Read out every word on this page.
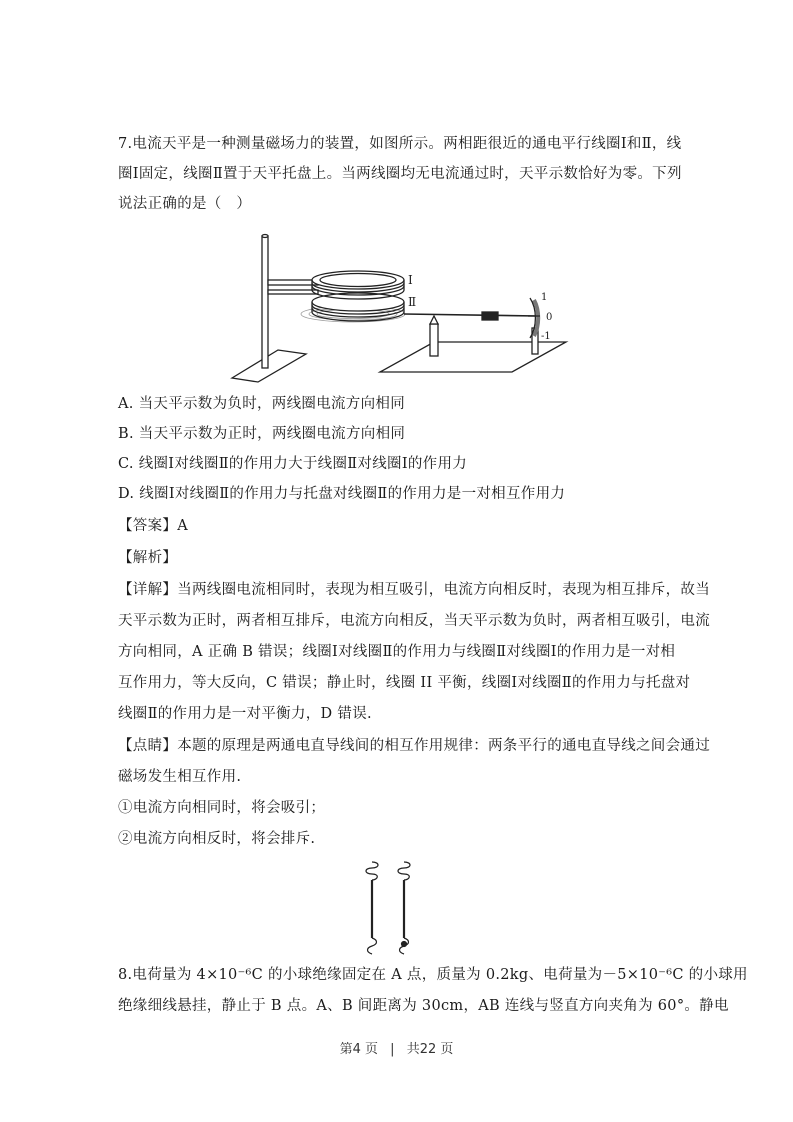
7.电流天平是一种测量磁场力的装置，如图所示。两相距很近的通电平行线圈Ⅰ和Ⅱ，线
圈Ⅰ固定，线圈Ⅱ置于天平托盘上。当两线圈均无电流通过时，天平示数恰好为零。下列
说法正确的是（　）
Ⅰ
Ⅱ	1
0
-1
A. 当天平示数为负时，两线圈电流方向相同
B. 当天平示数为正时，两线圈电流方向相同
C. 线圈Ⅰ对线圈Ⅱ的作用力大于线圈Ⅱ对线圈Ⅰ的作用力
D. 线圈Ⅰ对线圈Ⅱ的作用力与托盘对线圈Ⅱ的作用力是一对相互作用力
【答案】A
【解析】
【详解】当两线圈电流相同时，表现为相互吸引，电流方向相反时，表现为相互排斥，故当
天平示数为正时，两者相互排斥，电流方向相反，当天平示数为负时，两者相互吸引，电流
方向相同，A 正确 B 错误；线圈Ⅰ对线圈Ⅱ的作用力与线圈Ⅱ对线圈Ⅰ的作用力是一对相
互作用力，等大反向，C 错误；静止时，线圈 II 平衡，线圈Ⅰ对线圈Ⅱ的作用力与托盘对
线圈Ⅱ的作用力是一对平衡力，D 错误.
【点睛】本题的原理是两通电直导线间的相互作用规律：两条平行的通电直导线之间会通过
磁场发生相互作用.
①电流方向相同时，将会吸引；
②电流方向相反时，将会排斥.
8.电荷量为 4×10⁻⁶C 的小球绝缘固定在 A 点，质量为 0.2kg、电荷量为－5×10⁻⁶C 的小球用
绝缘细线悬挂，静止于 B 点。A、B 间距离为 30cm，AB 连线与竖直方向夹角为 60°。静电
第4 页 | 共22 页
